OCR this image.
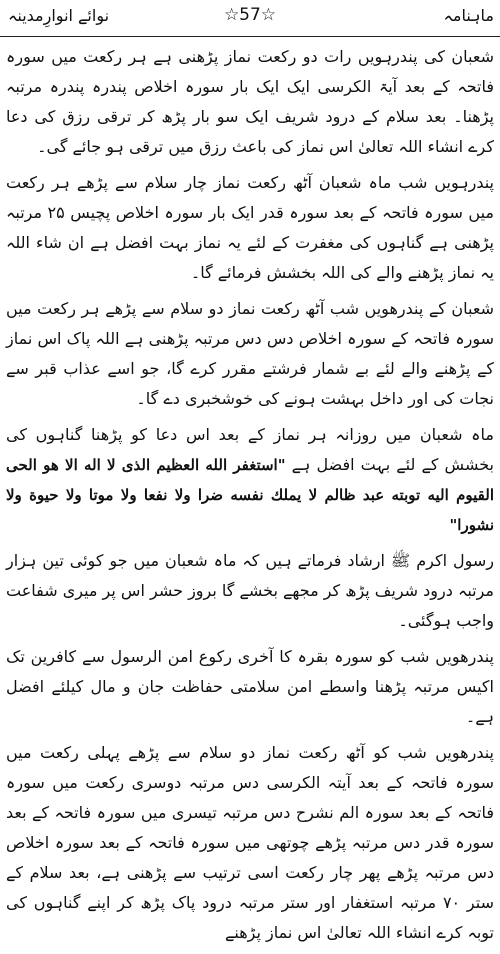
ماہنامہ
☆57☆
نوائے انوارِمدینہ

شعبان کی پندرہویں رات دو رکعت نماز پڑھنی ہے ہر رکعت میں سورہ فاتحہ کے بعد آیۃ الکرسی ایک ایک بار سورہ اخلاص پندرہ پندرہ مرتبہ پڑھنا۔ بعد سلام کے درود شریف ایک سو بار پڑھ کر ترقی رزق کی دعا کرے انشاء اللہ تعالیٰ اس نماز کی باعث رزق میں ترقی ہو جائے گی۔

پندرہویں شب ماہ شعبان آٹھ رکعت نماز چار سلام سے پڑھے ہر رکعت میں سورہ فاتحہ کے بعد سورہ قدر ایک بار سورہ اخلاص پچیس ۲۵ مرتبہ پڑھنی ہے گناہوں کی مغفرت کے لئے یہ نماز بہت افضل ہے ان شاء اللہ یہ نماز پڑھنے والے کی اللہ بخشش فرمائے گا۔

شعبان کے پندرھویں شب آٹھ رکعت نماز دو سلام سے پڑھے ہر رکعت میں سورہ فاتحہ کے سورہ اخلاص دس دس مرتبہ پڑھنی ہے اللہ پاک اس نماز کے پڑھنے والے لئے بے شمار فرشتے مقرر کرے گا، جو اسے عذاب قبر سے نجات کی اور داخل بہشت ہونے کی خوشخبری دے گا۔

ماہ شعبان میں روزانہ ہر نماز کے بعد اس دعا کو پڑھنا گناہوں کی بخشش کے لئے بہت افضل ہے "استغفر الله العظيم الذى لا اله الا هو الحى القيوم اليه توبته عبد ظالم لا يملك نفسه ضرا ولا نفعا ولا موتا ولا حيوة ولا نشورا"

رسول اکرم ﷺ ارشاد فرماتے ہیں کہ ماہ شعبان میں جو کوئی تین ہزار مرتبہ درود شریف پڑھ کر مجھے بخشے گا بروز حشر اس پر میری شفاعت واجب ہوگئی۔

پندرھویں شب کو سورہ بقرہ کا آخری رکوع امن الرسول سے کافرین تک اکیس مرتبہ پڑھنا واسطے امن سلامتی حفاظت جان و مال کیلئے افضل ہے۔

پندرھویں شب کو آٹھ رکعت نماز دو سلام سے پڑھے پہلی رکعت میں سورہ فاتحہ کے بعد آیتہ الکرسی دس مرتبہ دوسری رکعت میں سورہ فاتحہ کے بعد سورہ الم نشرح دس مرتبہ تیسری میں سورہ فاتحہ کے بعد سورہ قدر دس مرتبہ پڑھے چوتھی میں سورہ فاتحہ کے بعد سورہ اخلاص دس مرتبہ پڑھے پھر چار رکعت اسی ترتیب سے پڑھنی ہے، بعد سلام کے ستر ۷۰ مرتبہ استغفار اور ستر مرتبہ درود پاک پڑھ کر اپنے گناہوں کی توبہ کرے انشاء اللہ تعالیٰ اس نماز پڑھنے
